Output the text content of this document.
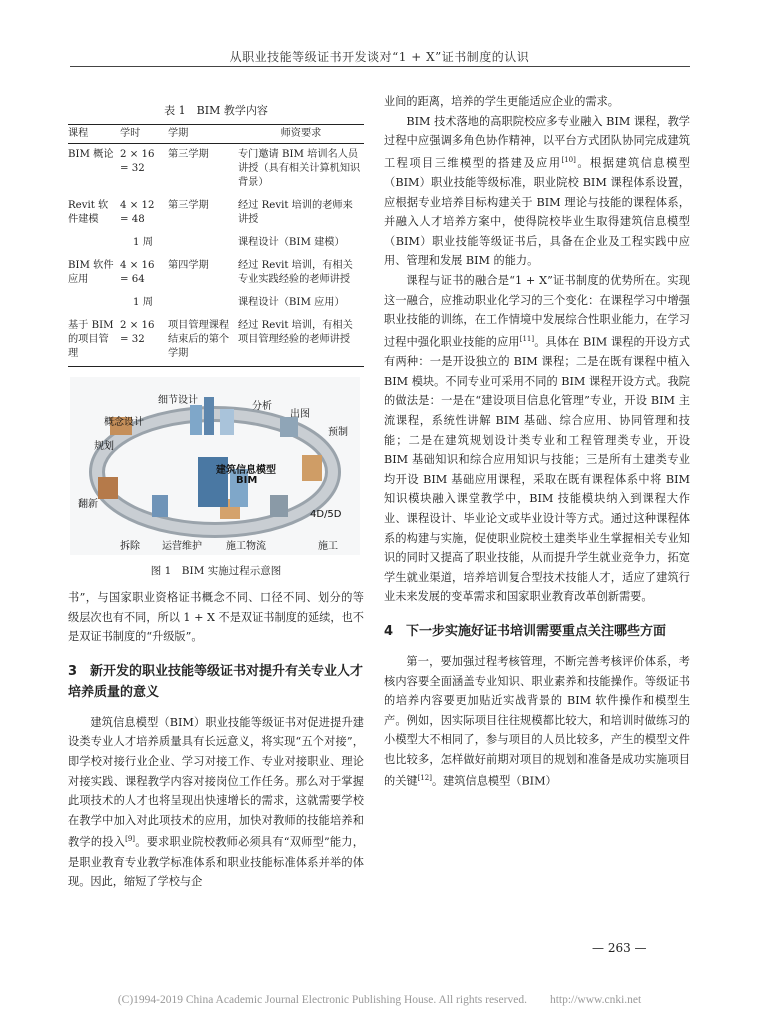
从职业技能等级证书开发谈对“1 + X”证书制度的认识
表 1　BIM 教学内容
课程	学时	学期	师资要求
BIM 概论	2 × 16 = 32	第三学期	专门邀请 BIM 培训名人员讲授（具有相关计算机知识背景）
Revit 软件建模	4 × 12 = 48	第三学期	经过 Revit 培训的老师来讲授
	1 周		课程设计（BIM 建模）
BIM 软件应用	4 × 16 = 64	第四学期	经过 Revit 培训，有相关专业实践经验的老师讲授
	1 周		课程设计（BIM 应用）
基于 BIM 的项目管理	2 × 16 = 32	项目管理课程结束后的第个学期	经过 Revit 培训，有相关项目管理经验的老师讲授
概念设计
细节设计
分析
出图
预制
规划
翻新
拆除 运营维护 施工物流
4D/5D
施工
建筑信息模型
BIM
图 1　BIM 实施过程示意图

书”，与国家职业资格证书概念不同、口径不同、划分的等级层次也有不同，所以 1 + X 不是双证书制度的延续，也不是双证书制度的“升级版”。

3　新开发的职业技能等级证书对提升有关专业人才培养质量的意义

建筑信息模型（BIM）职业技能等级证书对促进提升建设类专业人才培养质量具有长远意义，将实现“五个对接”，即学校对接行业企业、学习对接工作、专业对接职业、理论对接实践、课程教学内容对接岗位工作任务。那么对于掌握此项技术的人才也将呈现出快速增长的需求，这就需要学校在教学中加入对此项技术的应用，加快对教师的技能培养和教学的投入[9]。要求职业院校教师必须具有“双师型”能力，是职业教育专业教学标准体系和职业技能标准体系并举的体现。因此，缩短了学校与企

业间的距离，培养的学生更能适应企业的需求。

BIM 技术落地的高职院校应多专业融入 BIM 课程，教学过程中应强调多角色协作精神，以平台方式团队协同完成建筑工程项目三维模型的搭建及应用[10]。根据建筑信息模型（BIM）职业技能等级标准，职业院校 BIM 课程体系设置，应根据专业培养目标构建关于 BIM 理论与技能的课程体系，并融入人才培养方案中，使得院校毕业生取得建筑信息模型（BIM）职业技能等级证书后，具备在企业及工程实践中应用、管理和发展 BIM 的能力。

课程与证书的融合是“1 + X”证书制度的优势所在。实现这一融合，应推动职业化学习的三个变化：在课程学习中增强职业技能的训练，在工作情境中发展综合性职业能力，在学习过程中强化职业技能的应用[11]。具体在 BIM 课程的开设方式有两种：一是开设独立的 BIM 课程；二是在既有课程中植入 BIM 模块。不同专业可采用不同的 BIM 课程开设方式。我院的做法是：一是在“建设项目信息化管理”专业，开设 BIM 主流课程，系统性讲解 BIM 基础、综合应用、协同管理和技能；二是在建筑规划设计类专业和工程管理类专业，开设 BIM 基础知识和综合应用知识与技能；三是所有土建类专业均开设 BIM 基础应用课程，采取在既有课程体系中将 BIM 知识模块融入课堂教学中，BIM 技能模块纳入到课程大作业、课程设计、毕业论文或毕业设计等方式。通过这种课程体系的构建与实施，促使职业院校土建类毕业生掌握相关专业知识的同时又提高了职业技能，从而提升学生就业竞争力，拓宽学生就业渠道，培养培训复合型技术技能人才，适应了建筑行业未来发展的变革需求和国家职业教育改革创新需要。

4　下一步实施好证书培训需要重点关注哪些方面

第一，要加强过程考核管理，不断完善考核评价体系，考核内容要全面涵盖专业知识、职业素养和技能操作。等级证书的培养内容要更加贴近实战背景的 BIM 软件操作和模型生产。例如，因实际项目往往规模都比较大，和培训时做练习的小模型大不相同了，参与项目的人员比较多，产生的模型文件也比较多，怎样做好前期对项目的规划和准备是成功实施项目的关键[12]。建筑信息模型（BIM）

— 263 —
(C)1994-2019 China Academic Journal Electronic Publishing House. All rights reserved.　　http://www.cnki.net
